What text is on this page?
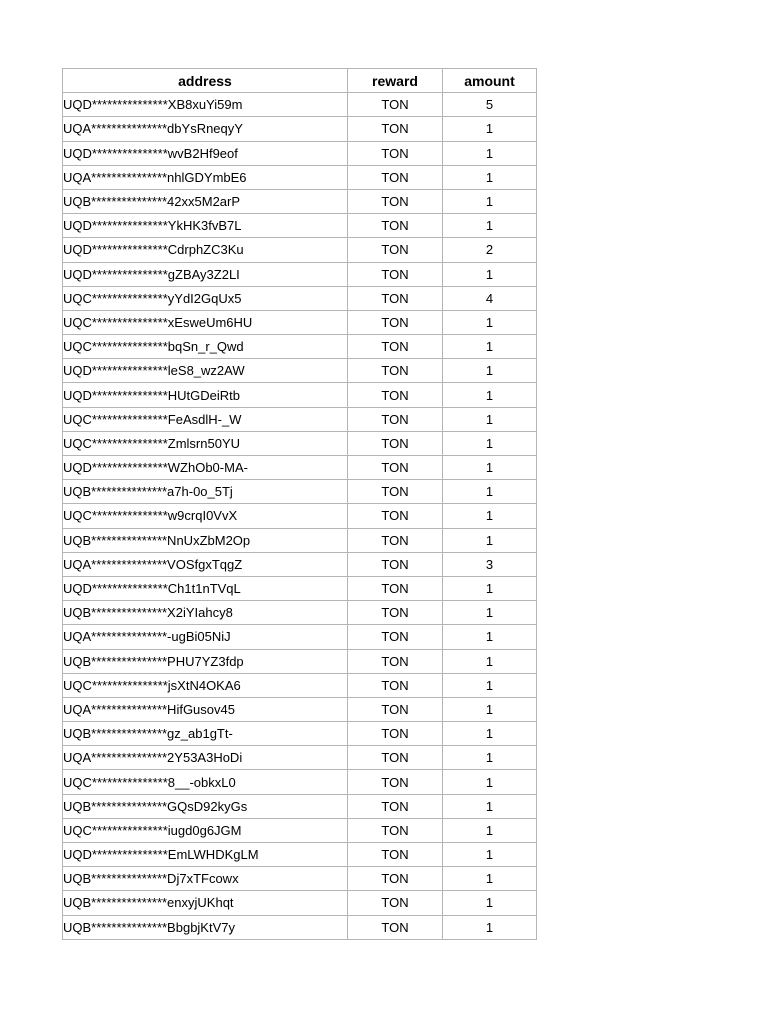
address	reward	amount
UQD***************XB8xuYi59m	TON	5
UQA***************dbYsRneqyY	TON	1
UQD***************wvB2Hf9eof	TON	1
UQA***************nhlGDYmbE6	TON	1
UQB***************42xx5M2arP	TON	1
UQD***************YkHK3fvB7L	TON	1
UQD***************CdrphZC3Ku	TON	2
UQD***************gZBAy3Z2LI	TON	1
UQC***************yYdI2GqUx5	TON	4
UQC***************xEsweUm6HU	TON	1
UQC***************bqSn_r_Qwd	TON	1
UQD***************leS8_wz2AW	TON	1
UQD***************HUtGDeiRtb	TON	1
UQC***************FeAsdlH-_W	TON	1
UQC***************Zmlsrn50YU	TON	1
UQD***************WZhOb0-MA-	TON	1
UQB***************a7h-0o_5Tj	TON	1
UQC***************w9crqI0VvX	TON	1
UQB***************NnUxZbM2Op	TON	1
UQA***************VOSfgxTqgZ	TON	3
UQD***************Ch1t1nTVqL	TON	1
UQB***************X2iYIahcy8	TON	1
UQA***************-ugBi05NiJ	TON	1
UQB***************PHU7YZ3fdp	TON	1
UQC***************jsXtN4OKA6	TON	1
UQA***************HifGusov45	TON	1
UQB***************gz_ab1gTt-	TON	1
UQA***************2Y53A3HoDi	TON	1
UQC***************8__-obkxL0	TON	1
UQB***************GQsD92kyGs	TON	1
UQC***************iugd0g6JGM	TON	1
UQD***************EmLWHDKgLM	TON	1
UQB***************Dj7xTFcowx	TON	1
UQB***************enxyjUKhqt	TON	1
UQB***************BbgbjKtV7y	TON	1
